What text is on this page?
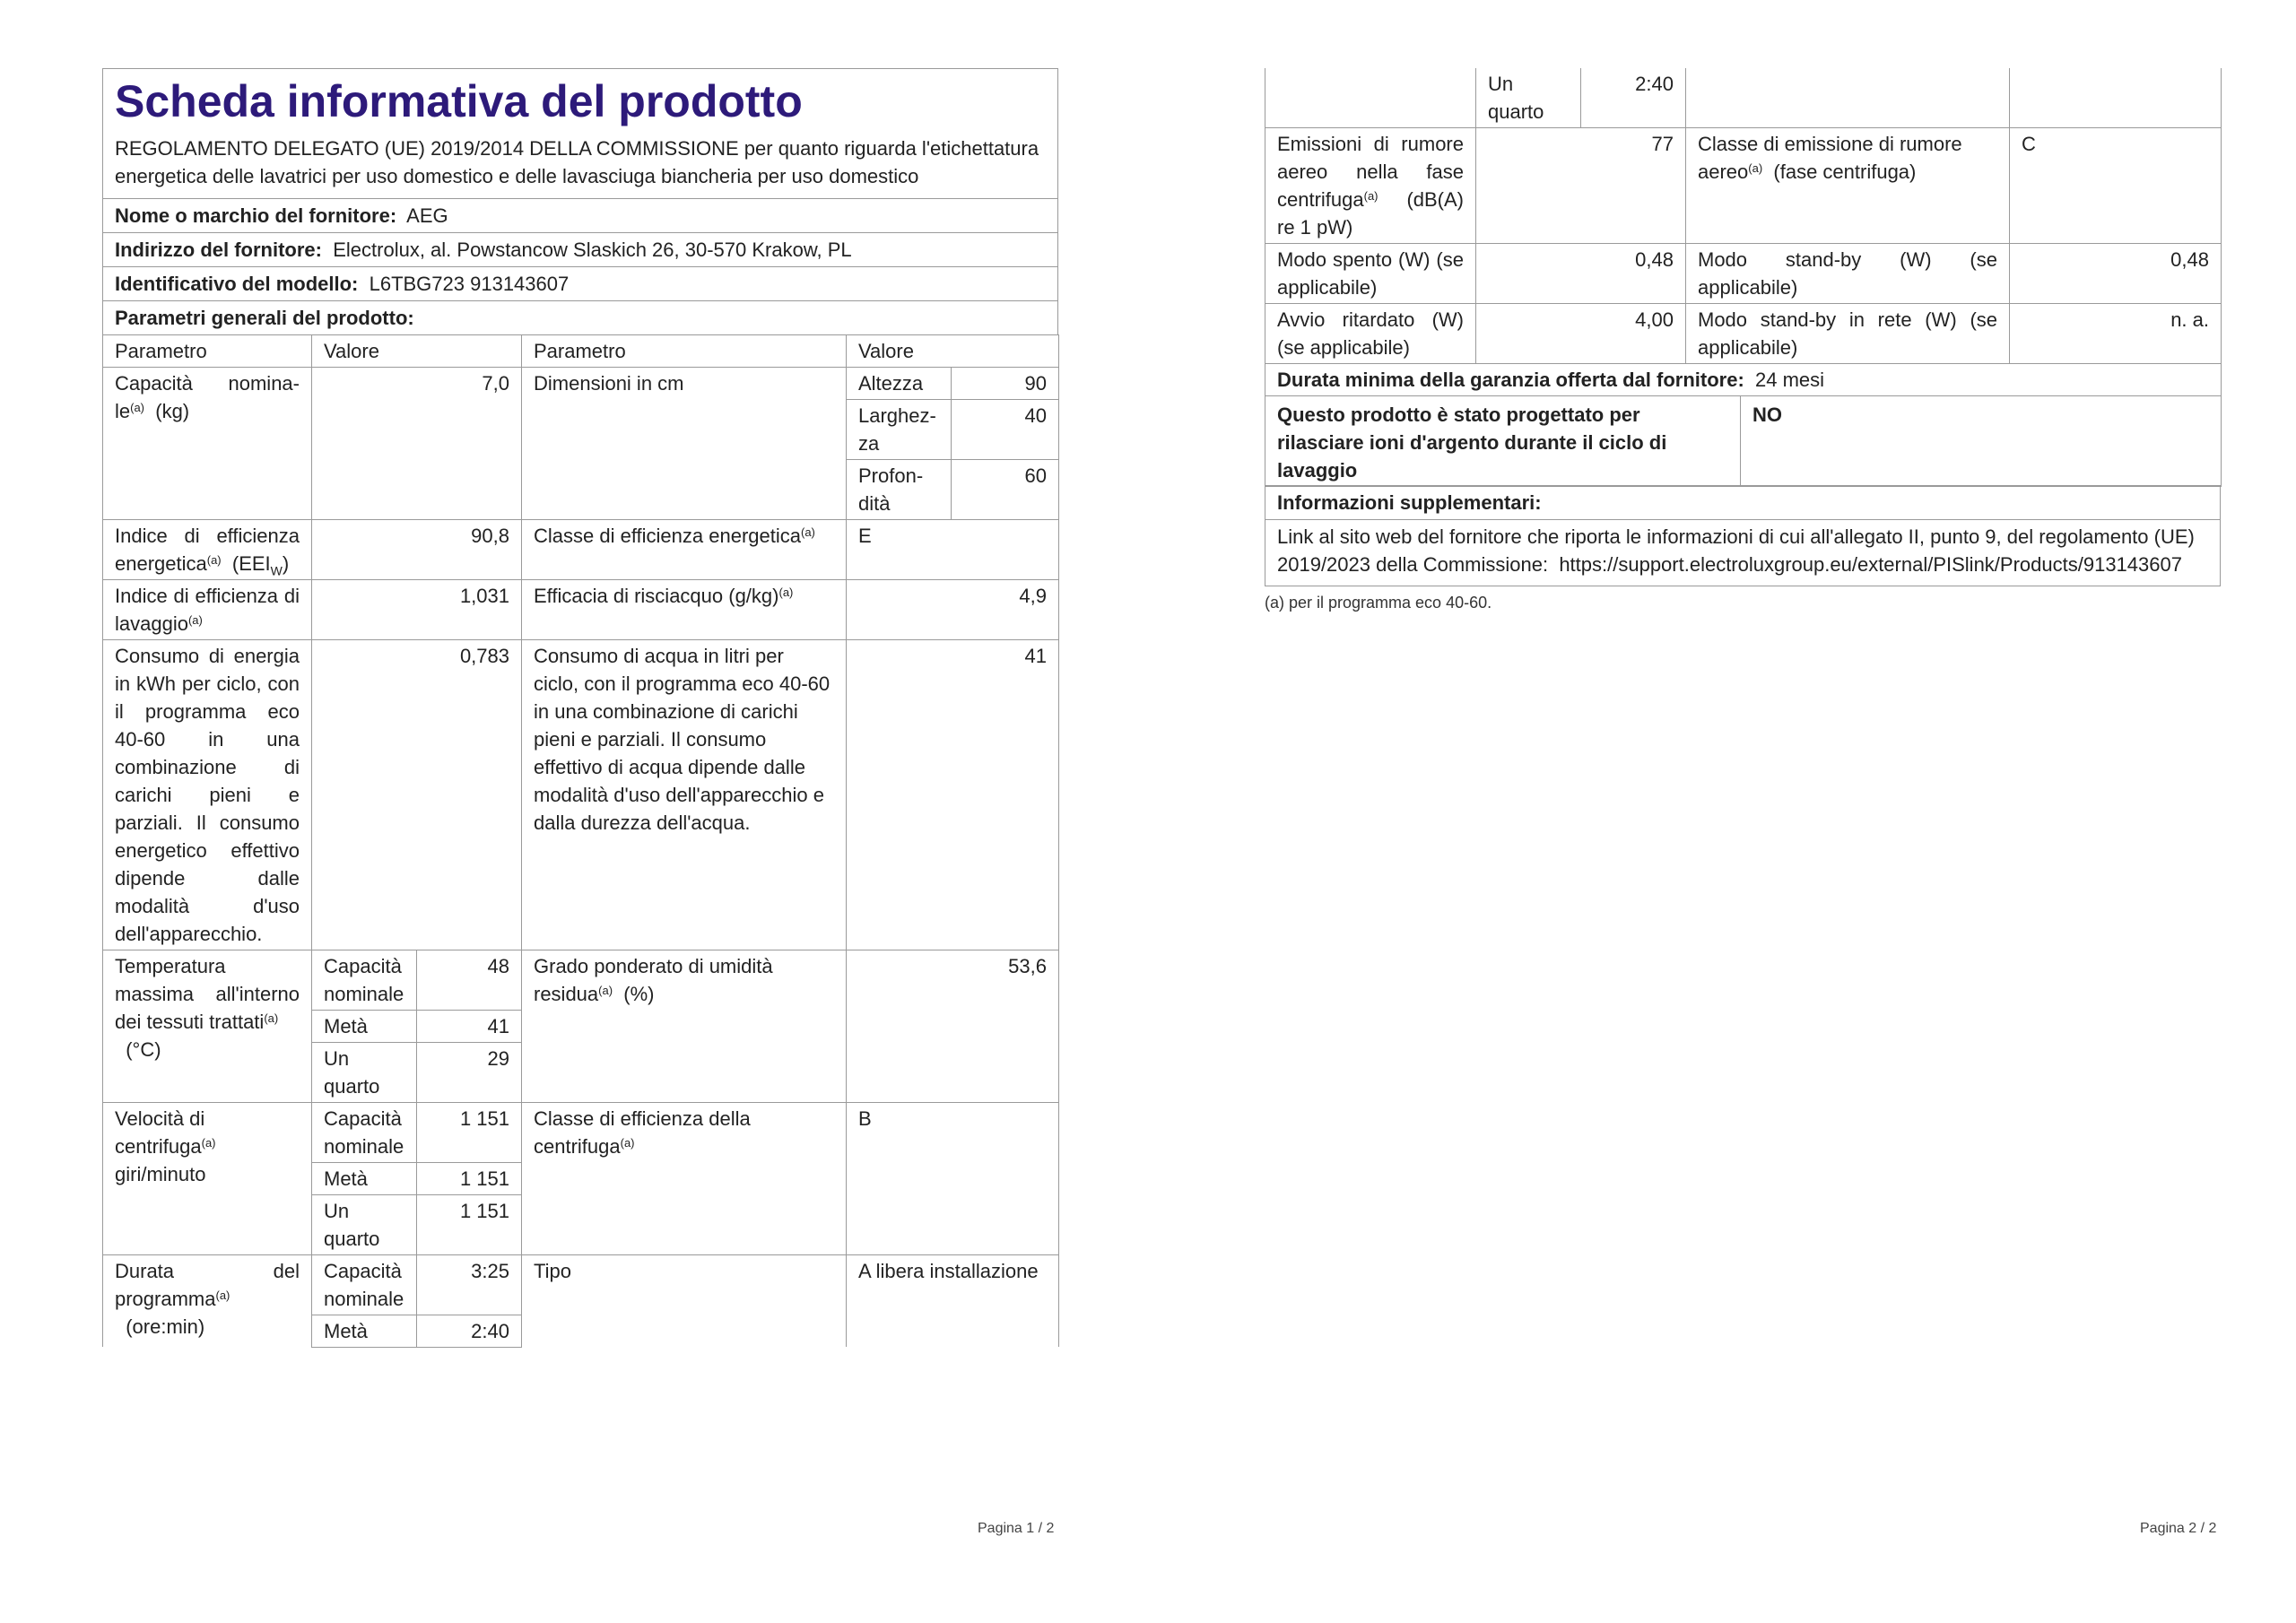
Scheda informativa del prodotto
REGOLAMENTO DELEGATO (UE) 2019/2014 DELLA COMMISSIONE per quanto riguarda l'etichettatura energetica delle lavatrici per uso domestico e delle lavasciuga biancheria per uso domestico

Nome o marchio del fornitore: AEG
Indirizzo del fornitore: Electrolux, al. Powstancow Slaskich 26, 30-570 Krakow, PL
Identificativo del modello: L6TBG723 913143607
Parametri generali del prodotto:
Parametro	Valore		Parametro	Valore	
Capacità nomina-$le^{(a)}$ (kg)	7,0		Dimensioni in cm	Altezza	90
				Larghez-za	40
				Profon-dità	60
Indice di efficienza energetica$^{(a)}$ $(EEI_W)$	90,8		Classe di efficienza energetica$^{(a)}$	E	
Indice di efficienza di lavaggio$^{(a)}$	1,031		Efficacia di risciacquo $(g/kg)^{(a)}$	4,9	
Consumo di energia in kWh per ciclo, con il programma eco 40-60 in una combinazione di carichi pieni e parziali. Il consumo energetico effettivo dipende dalle modalità d'uso dell'apparecchio.	0,783		Consumo di acqua in litri per ciclo, con il programma eco 40-60 in una combinazione di carichi pieni e parziali. Il consumo effettivo di acqua dipende dalle modalità d'uso dell'apparecchio e dalla durezza dell'acqua.	41	
Temperatura massima all'interno dei tessuti trattati$^{(a)}$
(°C)	Capacità nominale	48	Grado ponderato di umidità residua$^{(a)}$ (%)	53,6	
	Metà	41			
	Un quarto	29			
Velocità di centrifuga$^{(a)}$  giri/minuto	Capacità nominale	1 151	Classe di efficienza della centrifuga$^{(a)}$	B	
	Metà	1 151			
	Un quarto	1 151			
Durata del programma$^{(a)}$
(ore:min)	Capacità nominale	3:25	Tipo	A libera installazione	
	Metà	2:40			
Pagina 1 / 2
	Un quarto	2:40		
Emissioni di rumore aereo nella fase centrifuga$^{(a)}$ (dB(A) re 1 pW)	77		Classe di emissione di rumore aereo$^{(a)}$ (fase centrifuga)	C
Modo spento (W) (se applicabile)	0,48		Modo stand-by (W) (se applicabile)	0,48
Avvio ritardato (W) (se applicabile)	4,00		Modo stand-by in rete (W) (se applicabile)	n. a.
Durata minima della garanzia offerta dal fornitore: 24 mesi				
Questo prodotto è stato progettato per rilasciare ioni d'argento durante il ciclo di lavaggio	NO
Informazioni supplementari:
Link al sito web del fornitore che riporta le informazioni di cui all'allegato II, punto 9, del regolamento (UE) 2019/2023 della Commissione: https://support.electroluxgroup.eu/external/PISlink/Products/913143607
(a) per il programma eco 40-60.
Pagina 2 / 2
